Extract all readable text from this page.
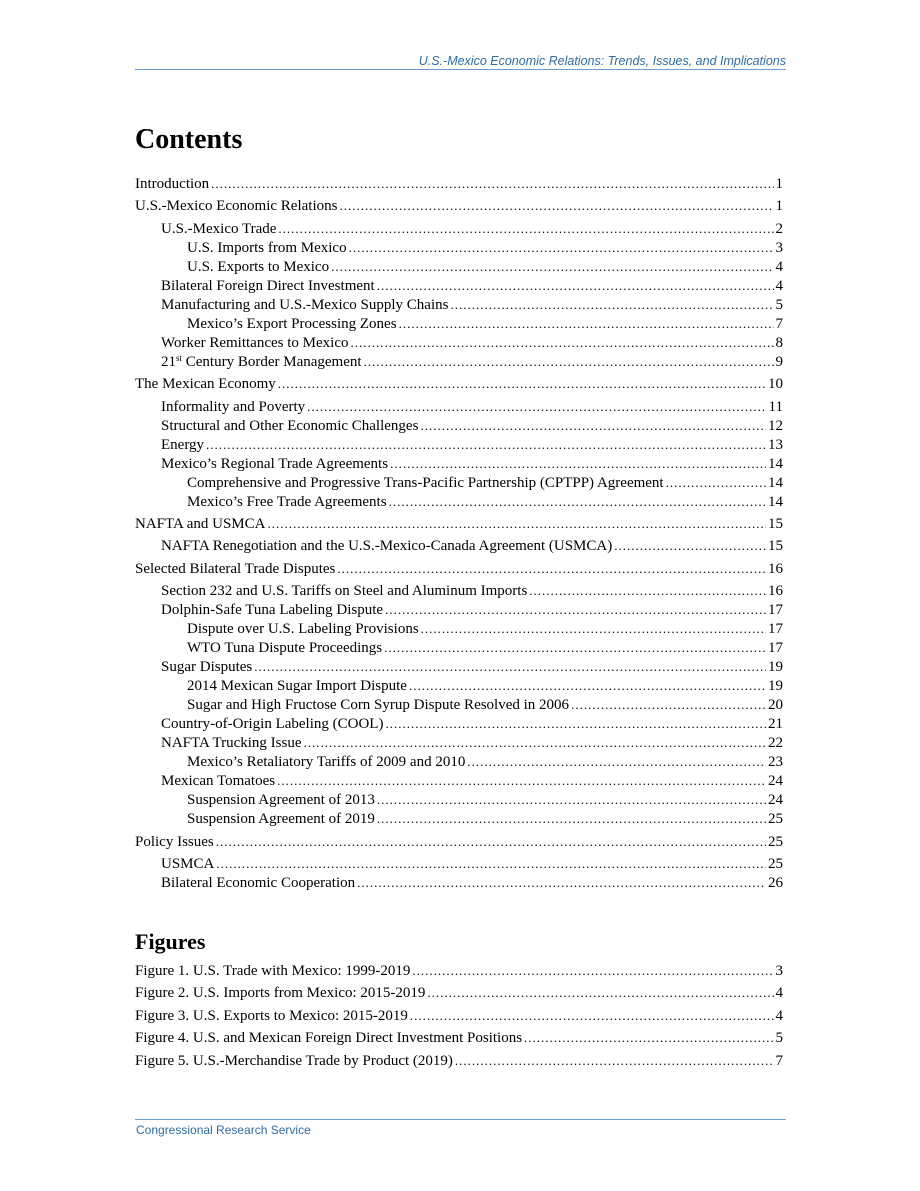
U.S.-Mexico Economic Relations: Trends, Issues, and Implications
Contents
Introduction .....	1
U.S.-Mexico Economic Relations .....	1
U.S.-Mexico Trade .....	2
U.S. Imports from Mexico .....	3
U.S. Exports to Mexico .....	4
Bilateral Foreign Direct Investment .....	4
Manufacturing and U.S.-Mexico Supply Chains .....	5
Mexico’s Export Processing Zones .....	7
Worker Remittances to Mexico .....	8
21st Century Border Management .....	9
The Mexican Economy .....	10
Informality and Poverty .....	11
Structural and Other Economic Challenges .....	12
Energy .....	13
Mexico’s Regional Trade Agreements .....	14
Comprehensive and Progressive Trans-Pacific Partnership (CPTPP) Agreement .....	14
Mexico’s Free Trade Agreements .....	14
NAFTA and USMCA .....	15
NAFTA Renegotiation and the U.S.-Mexico-Canada Agreement (USMCA) .....	15
Selected Bilateral Trade Disputes .....	16
Section 232 and U.S. Tariffs on Steel and Aluminum Imports .....	16
Dolphin-Safe Tuna Labeling Dispute .....	17
Dispute over U.S. Labeling Provisions .....	17
WTO Tuna Dispute Proceedings .....	17
Sugar Disputes .....	19
2014 Mexican Sugar Import Dispute .....	19
Sugar and High Fructose Corn Syrup Dispute Resolved in 2006 .....	20
Country-of-Origin Labeling (COOL) .....	21
NAFTA Trucking Issue .....	22
Mexico’s Retaliatory Tariffs of 2009 and 2010 .....	23
Mexican Tomatoes .....	24
Suspension Agreement of 2013 .....	24
Suspension Agreement of 2019 .....	25
Policy Issues .....	25
USMCA .....	25
Bilateral Economic Cooperation .....	26
Figures
Figure 1. U.S. Trade with Mexico: 1999-2019 .....	3
Figure 2. U.S. Imports from Mexico: 2015-2019 .....	4
Figure 3. U.S. Exports to Mexico: 2015-2019 .....	4
Figure 4. U.S. and Mexican Foreign Direct Investment Positions .....	5
Figure 5. U.S.-Merchandise Trade by Product (2019) .....	7
Congressional Research Service
